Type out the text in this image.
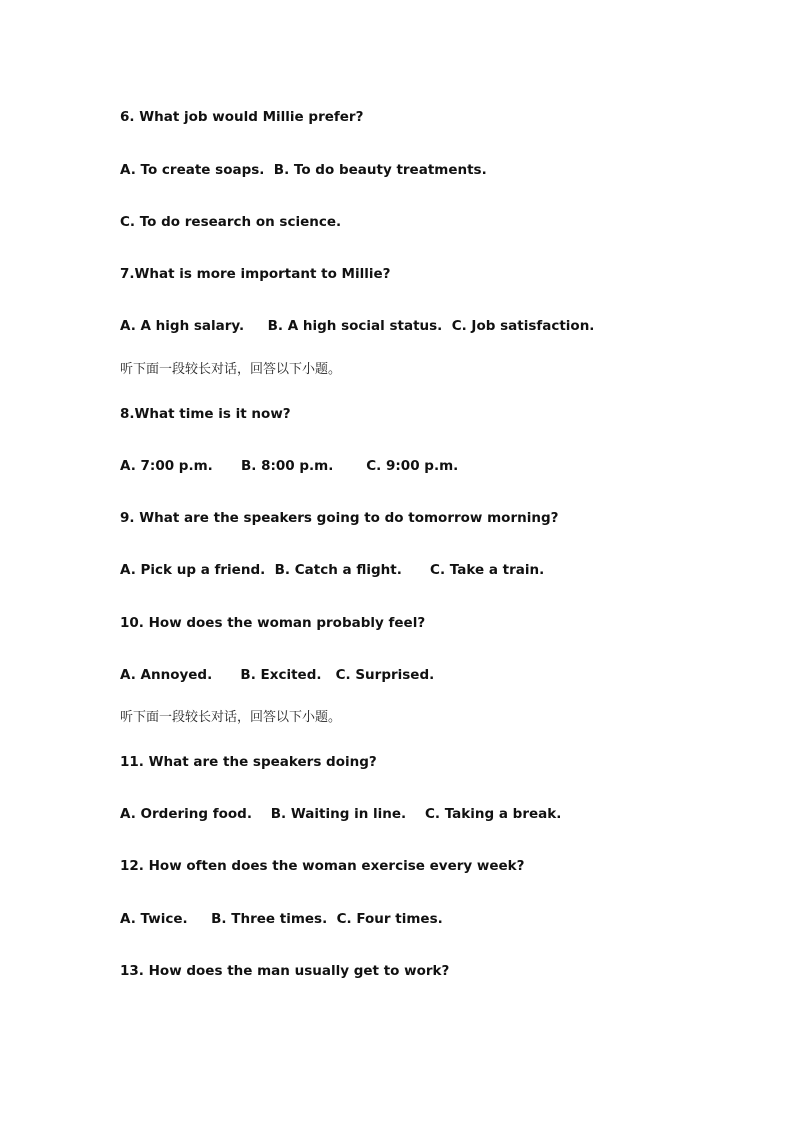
6. What job would Millie prefer?
A. To create soaps.  B. To do beauty treatments.
C. To do research on science.
7.What is more important to Millie?
A. A high salary.     B. A high social status.  C. Job satisfaction.
听下面一段较长对话，回答以下小题。
8.What time is it now?
A. 7:00 p.m.      B. 8:00 p.m.       C. 9:00 p.m.
9. What are the speakers going to do tomorrow morning?
A. Pick up a friend.  B. Catch a flight.      C. Take a train.
10. How does the woman probably feel?
A. Annoyed.      B. Excited.   C. Surprised.
听下面一段较长对话，回答以下小题。
11. What are the speakers doing?
A. Ordering food.    B. Waiting in line.    C. Taking a break.
12. How often does the woman exercise every week?
A. Twice.     B. Three times.  C. Four times.
13. How does the man usually get to work?
